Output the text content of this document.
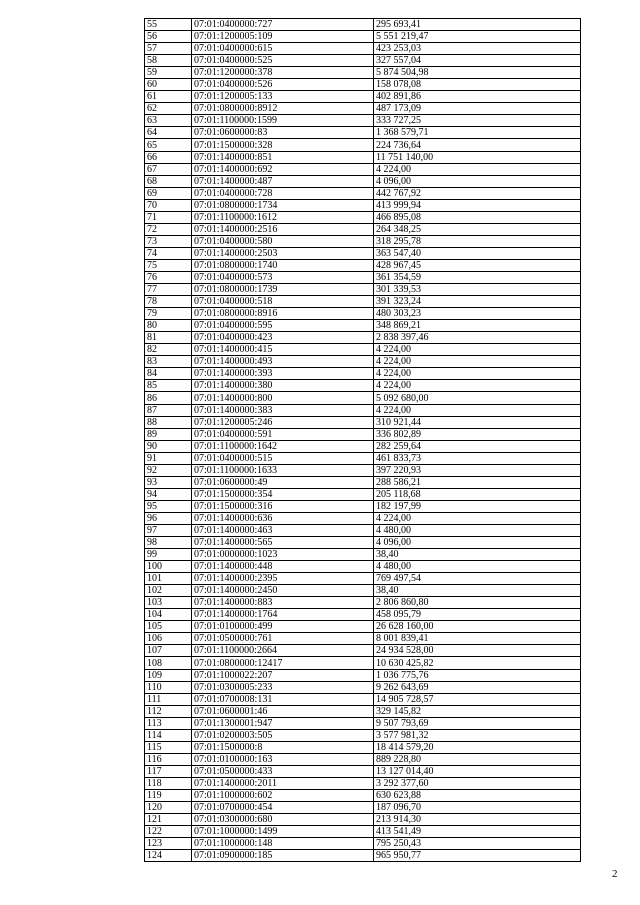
55	07:01:0400000:727	295 693,41
56	07:01:1200005:109	5 551 219,47
57	07:01:0400000:615	423 253,03
58	07:01:0400000:525	327 557,04
59	07:01:1200000:378	5 874 504,98
60	07:01:0400000:526	158 078,08
61	07:01:1200005:133	402 891,86
62	07:01:0800000:8912	487 173,09
63	07:01:1100000:1599	333 727,25
64	07:01:0600000:83	1 368 579,71
65	07:01:1500000:328	224 736,64
66	07:01:1400000:851	11 751 140,00
67	07:01:1400000:692	4 224,00
68	07:01:1400000:487	4 096,00
69	07:01:0400000:728	442 767,92
70	07:01:0800000:1734	413 999,94
71	07:01:1100000:1612	466 895,08
72	07:01:1400000:2516	264 348,25
73	07:01:0400000:580	318 295,78
74	07:01:1400000:2503	363 547,40
75	07:01:0800000:1740	428 967,45
76	07:01:0400000:573	361 354,59
77	07:01:0800000:1739	301 339,53
78	07:01:0400000:518	391 323,24
79	07:01:0800000:8916	480 303,23
80	07:01:0400000:595	348 869,21
81	07:01:0400000:423	2 838 397,46
82	07:01:1400000:415	4 224,00
83	07:01:1400000:493	4 224,00
84	07:01:1400000:393	4 224,00
85	07:01:1400000:380	4 224,00
86	07:01:1400000:800	5 092 680,00
87	07:01:1400000:383	4 224,00
88	07:01:1200005:246	310 921,44
89	07:01:0400000:591	336 802,89
90	07:01:1100000:1642	282 259,64
91	07:01:0400000:515	461 833,73
92	07:01:1100000:1633	397 220,93
93	07:01:0600000:49	288 586,21
94	07:01:1500000:354	205 118,68
95	07:01:1500000:316	182 197,99
96	07:01:1400000:636	4 224,00
97	07:01:1400000:463	4 480,00
98	07:01:1400000:565	4 096,00
99	07:01:0000000:1023	38,40
100	07:01:1400000:448	4 480,00
101	07:01:1400000:2395	769 497,54
102	07:01:1400000:2450	38,40
103	07:01:1400000:883	2 806 860,80
104	07:01:1400000:1764	458 095,79
105	07:01:0100000:499	26 628 160,00
106	07:01:0500000:761	8 001 839,41
107	07:01:1100000:2664	24 934 528,00
108	07:01:0800000:12417	10 630 425,82
109	07:01:1000022:207	1 036 775,76
110	07:01:0300005:233	9 262 643,69
111	07:01:0700008:131	14 905 728,57
112	07:01:0600001:46	329 145,82
113	07:01:1300001:947	9 507 793,69
114	07:01:0200003:505	3 577 981,32
115	07:01:1500000:8	18 414 579,20
116	07:01:0100000:163	889 228,80
117	07:01:0500000:433	13 127 014,40
118	07:01:1400000:2011	3 292 377,60
119	07:01:1000000:602	630 623,88
120	07:01:0700000:454	187 096,70
121	07:01:0300000:680	213 914,30
122	07:01:1000000:1499	413 541,49
123	07:01:1000000:148	795 250,43
124	07:01:0900000:185	965 950,77
2
